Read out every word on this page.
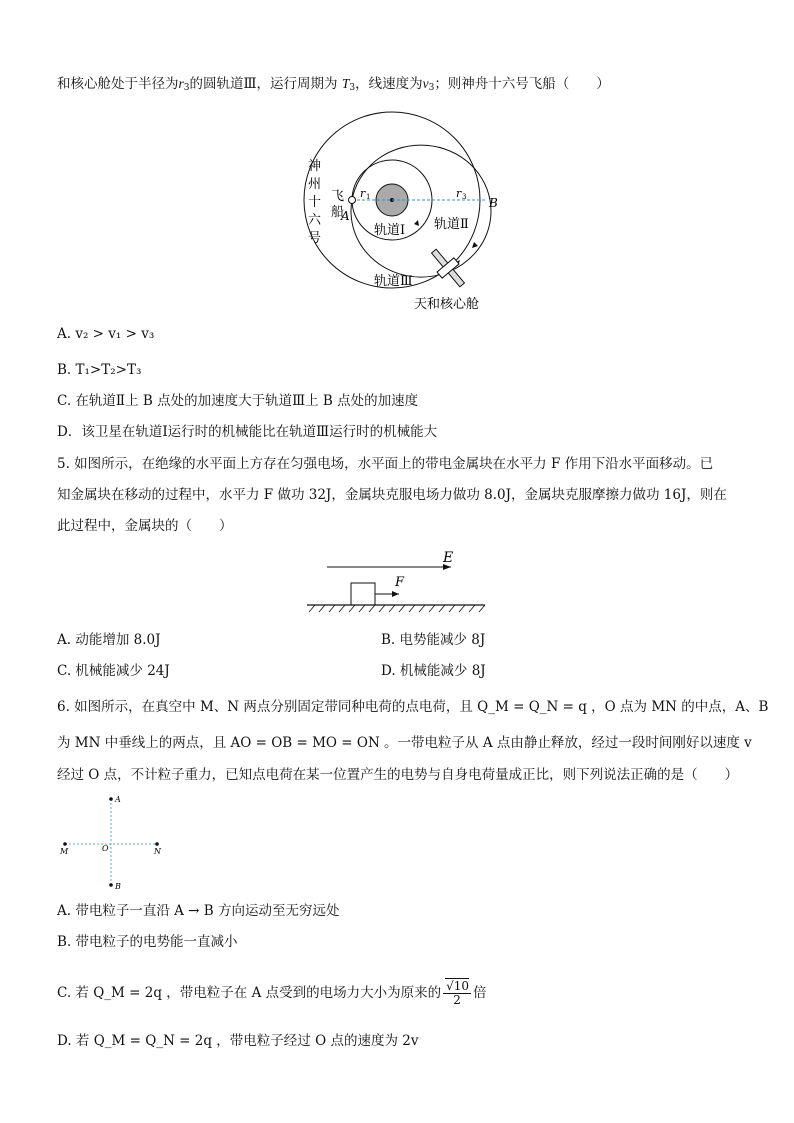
和核心舱处于半径为$r_3$的圆轨道Ⅲ，运行周期为 $T_3$，线速度为$v_3$；则神舟十六号飞船（　　）
神
州
十
六
号
飞
船
A
B
r 1	r 3
轨道Ⅰ 轨道Ⅱ
轨道Ⅲ
天和核心舱
A. v₂ > v₁ > v₃
B. T₁>T₂>T₃
C. 在轨道Ⅱ上 B 点处的加速度大于轨道Ⅲ上 B 点处的加速度
D．该卫星在轨道Ⅰ运行时的机械能比在轨道Ⅲ运行时的机械能大
5. 如图所示，在绝缘的水平面上方存在匀强电场，水平面上的带电金属块在水平力 F 作用下沿水平面移动。已
知金属块在移动的过程中，水平力 F 做功 32J，金属块克服电场力做功 8.0J，金属块克服摩擦力做功 16J，则在
此过程中，金属块的（　　）
E
F
A. 动能增加 8.0J	B. 电势能减少 8J
C. 机械能减少 24J	D. 机械能减少 8J
6. 如图所示，在真空中 M、N 两点分别固定带同种电荷的点电荷，且 Q_M = Q_N = q ，O 点为 MN 的中点，A、B
为 MN 中垂线上的两点，且 AO = OB = MO = ON 。一带电粒子从 A 点由静止释放，经过一段时间刚好以速度 v
经过 O 点，不计粒子重力，已知点电荷在某一位置产生的电势与自身电荷量成正比，则下列说法正确的是（　　）
A
B
M	N
O
A. 带电粒子一直沿 A → B 方向运动至无穷远处
B. 带电粒子的电势能一直减小
C. 若 Q_M = 2q ，带电粒子在 A 点受到的电场力大小为原来的 $\frac{√10}{2}$ 倍
D. 若 Q_M = Q_N = 2q ，带电粒子经过 O 点的速度为 2v
